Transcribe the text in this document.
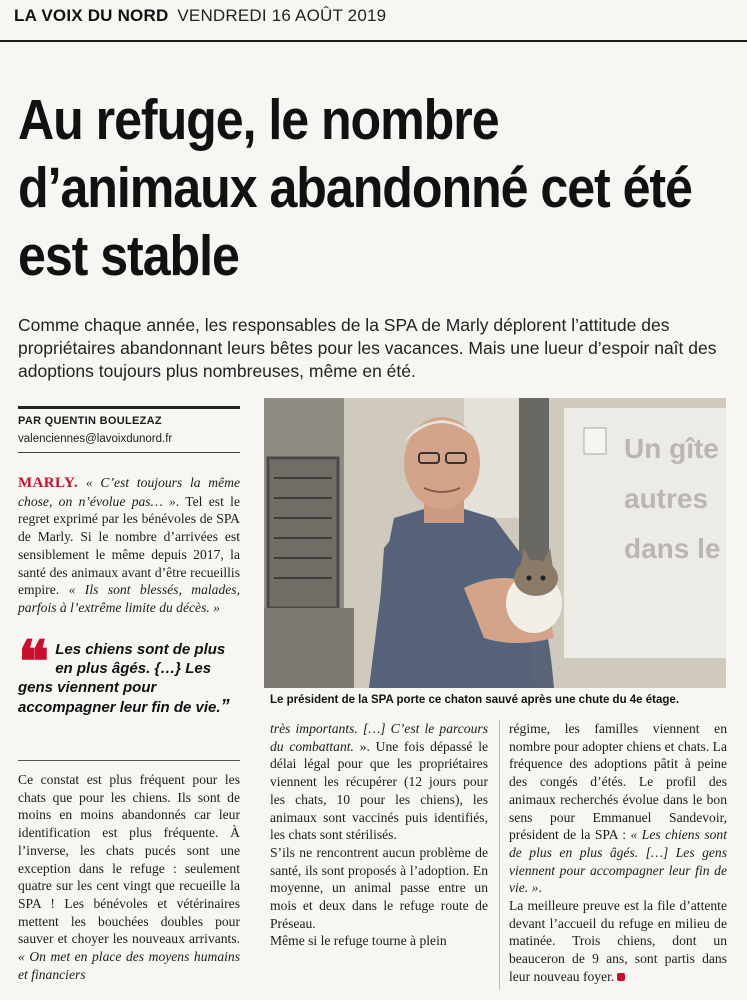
LA VOIX DU NORD VENDREDI 16 AOÛT 2019
Au refuge, le nombre d’animaux abandonné cet été est stable

Comme chaque année, les responsables de la SPA de Marly déplorent l’attitude des propriétaires abandonnant leurs bêtes pour les vacances. Mais une lueur d’espoir naît des adoptions toujours plus nombreuses, même en été.

PAR QUENTIN BOULEZAZ
valenciennes@lavoixdunord.fr

MARLY. « C’est toujours la même chose, on n’évolue pas… ». Tel est le regret exprimé par les bénévoles de SPA de Marly. Si le nombre d’arrivées est sensiblement le même depuis 2017, la santé des animaux avant d’être recueillis empire. « Ils sont blessés, malades, parfois à l’extrême limite du décès. »

❝ Les chiens sont de plus en plus âgés. {…} Les gens viennent pour accompagner leur fin de vie.”

Ce constat est plus fréquent pour les chats que pour les chiens. Ils sont de moins en moins abandonnés car leur identification est plus fréquente. À l’inverse, les chats pucés sont une exception dans le refuge : seulement quatre sur les cent vingt que recueille la SPA ! Les bénévoles et vétérinaires mettent les bouchées doubles pour sauver et choyer les nouveaux arrivants. « On met en place des moyens humains et financiers

Un gîte
autres
dans le
Le président de la SPA porte ce chaton sauvé après une chute du 4e étage.

très importants. […] C’est le parcours du combattant. ». Une fois dépassé le délai légal pour que les propriétaires viennent les récupérer (12 jours pour les chats, 10 pour les chiens), les animaux sont vaccinés puis identifiés, les chats sont stérilisés.

S’ils ne rencontrent aucun problème de santé, ils sont proposés à l’adoption. En moyenne, un animal passe entre un mois et deux dans le refuge route de Préseau.

Même si le refuge tourne à plein

régime, les familles viennent en nombre pour adopter chiens et chats. La fréquence des adoptions pâtit à peine des congés d’étés. Le profil des animaux recherchés évolue dans le bon sens pour Emmanuel Sandevoir, président de la SPA : « Les chiens sont de plus en plus âgés. […] Les gens viennent pour accompagner leur fin de vie. ».

La meilleure preuve est la file d’attente devant l’accueil du refuge en milieu de matinée. Trois chiens, dont un beauceron de 9 ans, sont partis dans leur nouveau foyer.
